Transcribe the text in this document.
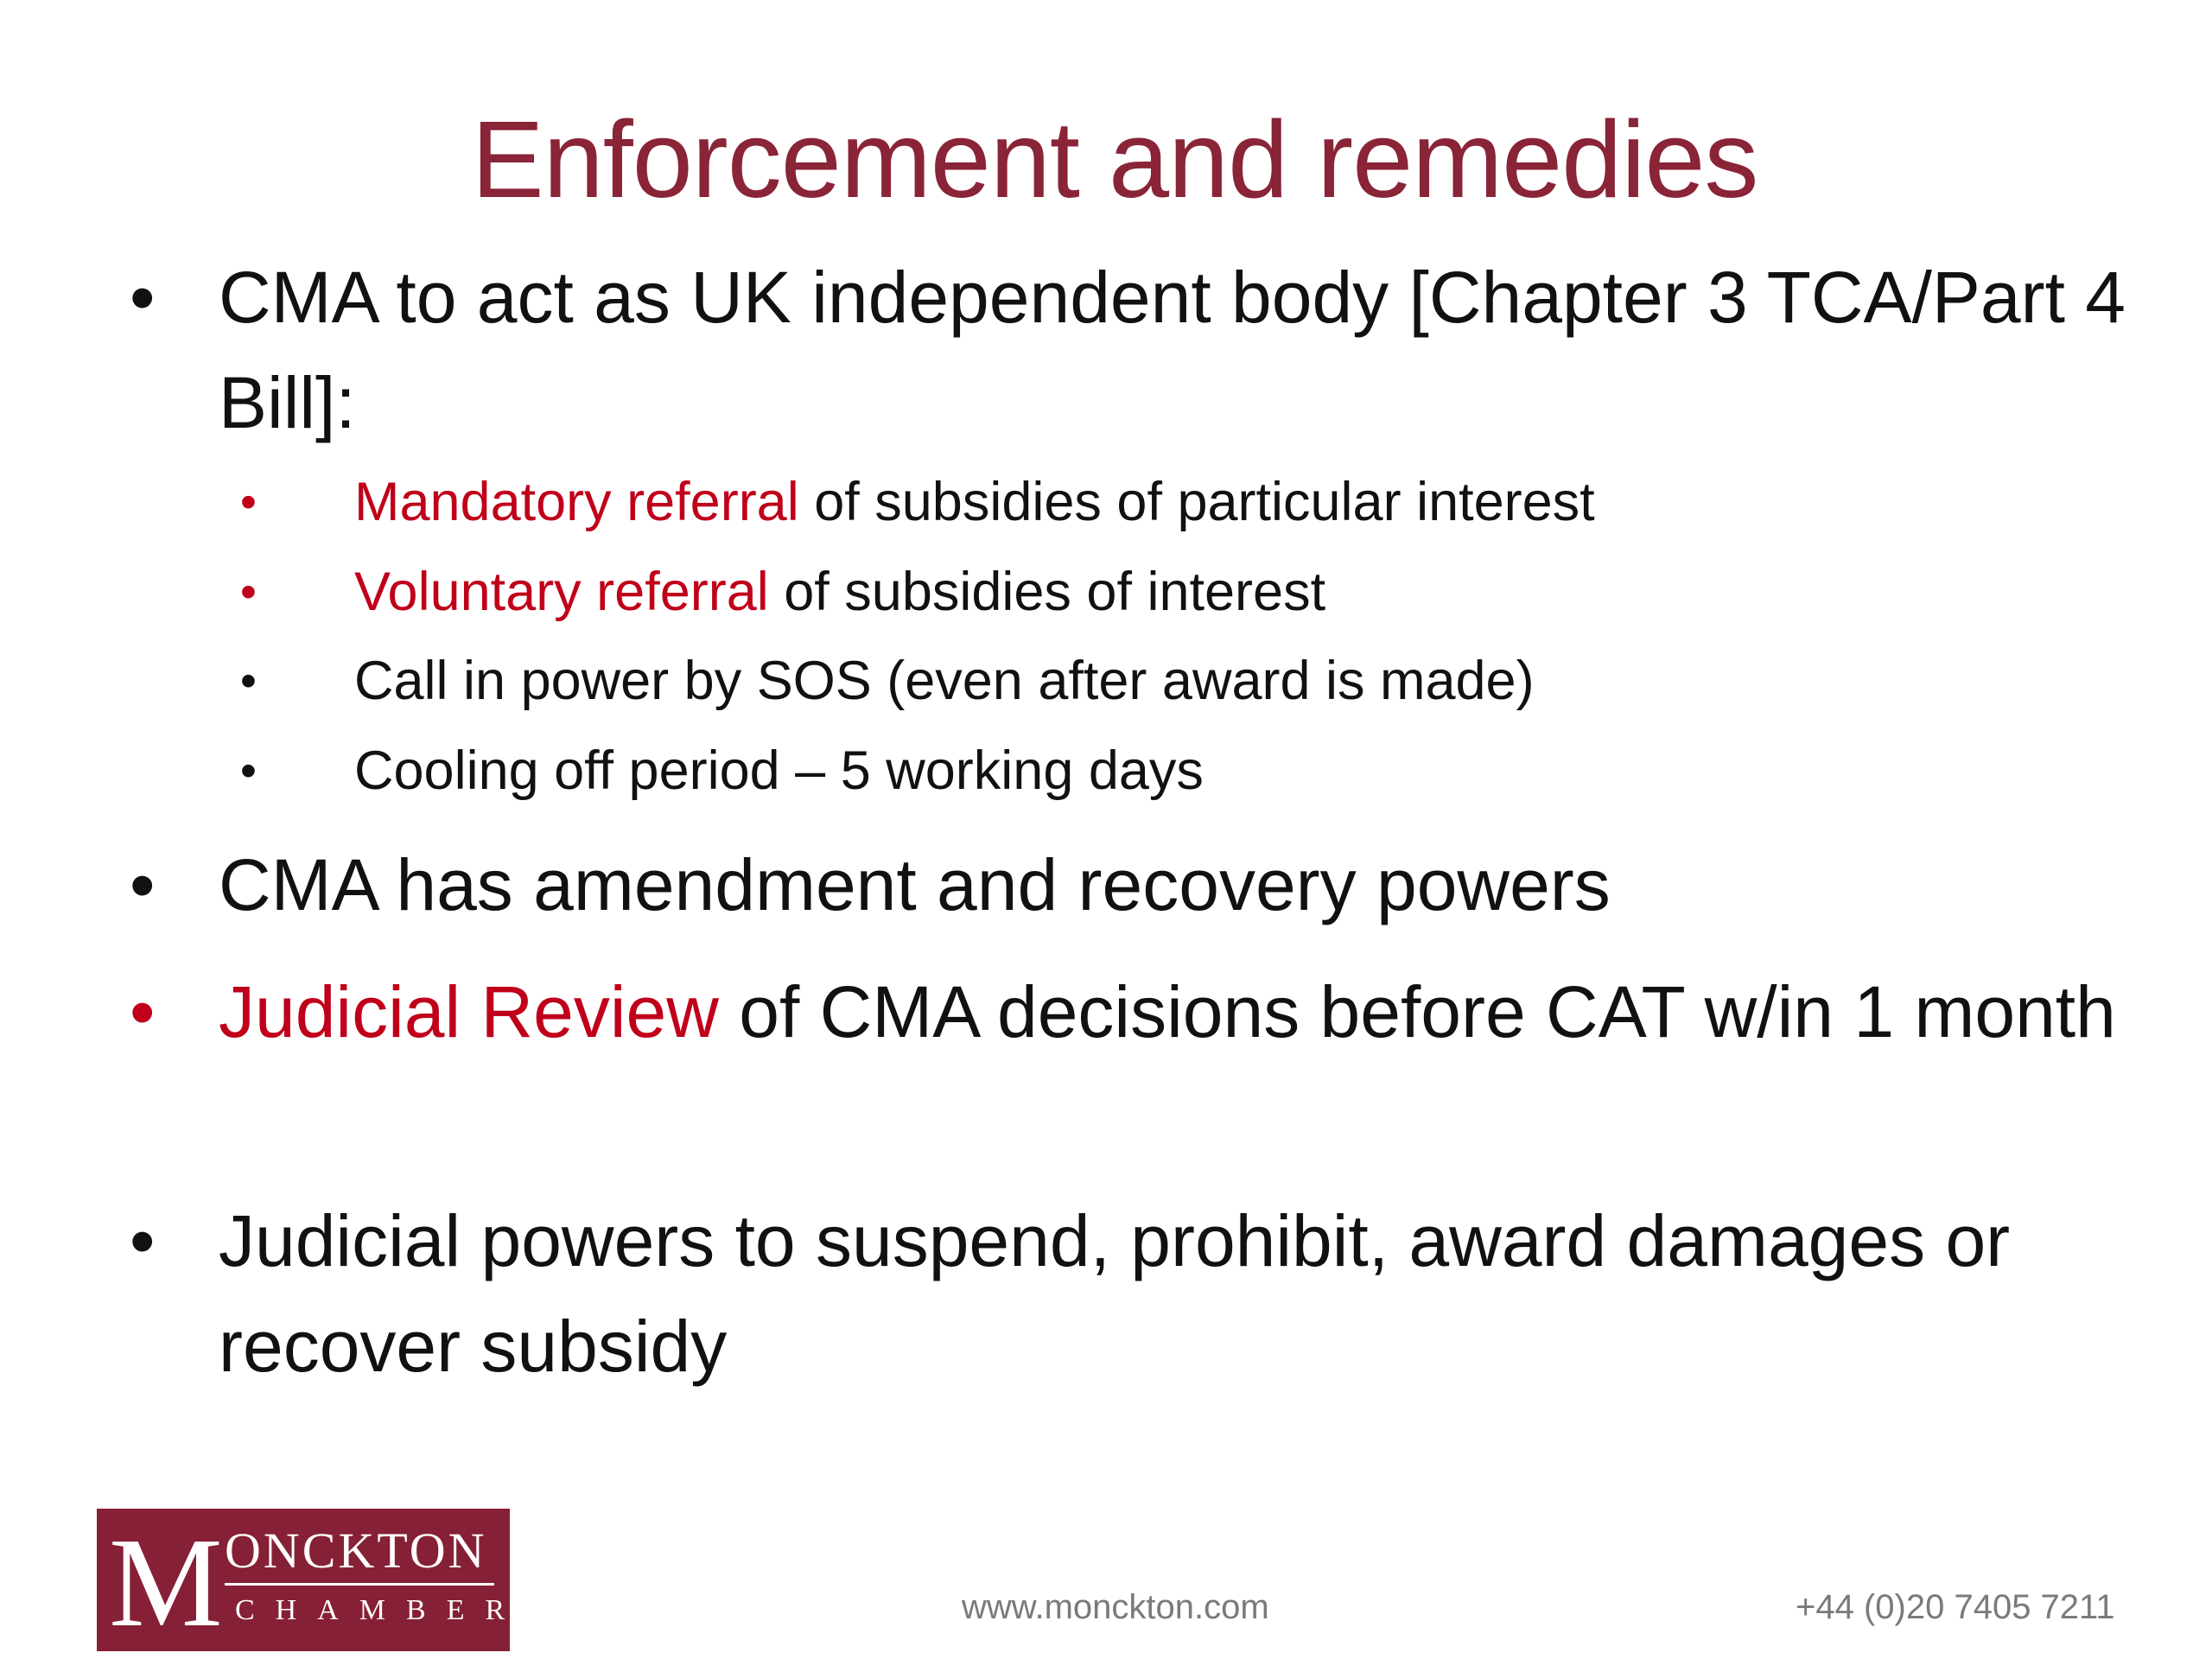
Enforcement and remedies
• CMA to act as UK independent body [Chapter 3 TCA/Part 4 Bill]:
•	Mandatory referral of subsidies of particular interest
•	Voluntary referral of subsidies of interest
•	Call in power by SOS (even after award is made)
•	Cooling off period – 5 working days
• CMA has amendment and recovery powers
• Judicial Review of CMA decisions before CAT w/in 1 month
• Judicial powers to suspend, prohibit, award damages or recover subsidy
M ONCKTON
CHAMBERS	www.monckton.com	+44 (0)20 7405 7211
